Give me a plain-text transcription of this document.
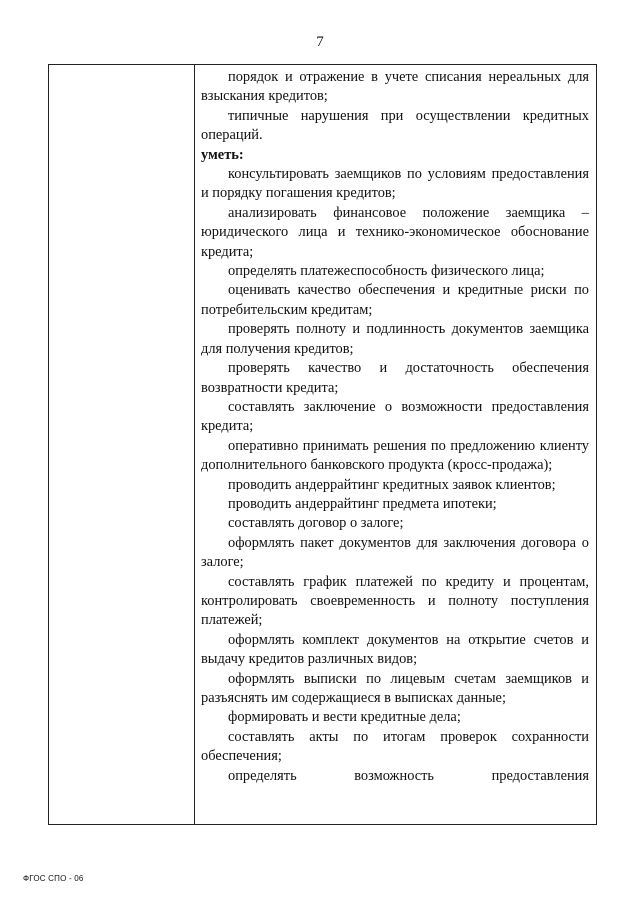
7

порядок и отражение в учете списания нереальных для взыскания кредитов;

типичные нарушения при осуществлении кредитных операций.

уметь:

консультировать заемщиков по условиям предоставления и порядку погашения кредитов;

анализировать финансовое положение заемщика – юридического лица и технико-экономическое обоснование кредита;

определять платежеспособность физического лица;

оценивать качество обеспечения и кредитные риски по потребительским кредитам;

проверять полноту и подлинность документов заемщика для получения кредитов;

проверять качество и достаточность обеспечения возвратности кредита;

составлять заключение о возможности предоставления кредита;

оперативно принимать решения по предложению клиенту дополнительного банковского продукта (кросс-продажа);

проводить андеррайтинг кредитных заявок клиентов;

проводить андеррайтинг предмета ипотеки;

составлять договор о залоге;

оформлять пакет документов для заключения договора о залоге;

составлять график платежей по кредиту и процентам, контролировать своевременность и полноту поступления платежей;

оформлять комплект документов на открытие счетов и выдачу кредитов различных видов;

оформлять выписки по лицевым счетам заемщиков и разъяснять им содержащиеся в выписках данные;

формировать и вести кредитные дела;

составлять акты по итогам проверок сохранности обеспечения;

определять возможность предоставления

ФГОС СПО - 06
